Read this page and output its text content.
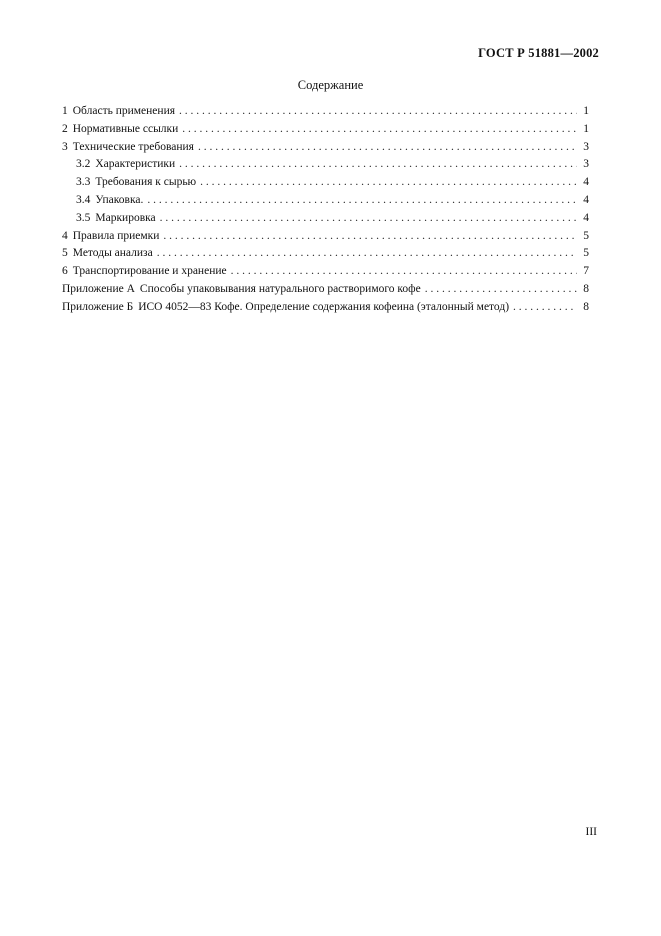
ГОСТ Р 51881—2002
Содержание
1 Область применения . . .	1
2 Нормативные ссылки . . .	1
3 Технические требования . . .	3
3.2 Характеристики . . .	3
3.3 Требования к сырью . . .	4
3.4 Упаковка. . . .	4
3.5 Маркировка . . .	4
4 Правила приемки . . .	5
5 Методы анализа . . .	5
6 Транспортирование и хранение . . .	7
Приложение А Способы упаковывания натурального растворимого кофе . . .	8
Приложение Б ИСО 4052—83 Кофе. Определение содержания кофеина (эталонный метод) . . .	8
III
